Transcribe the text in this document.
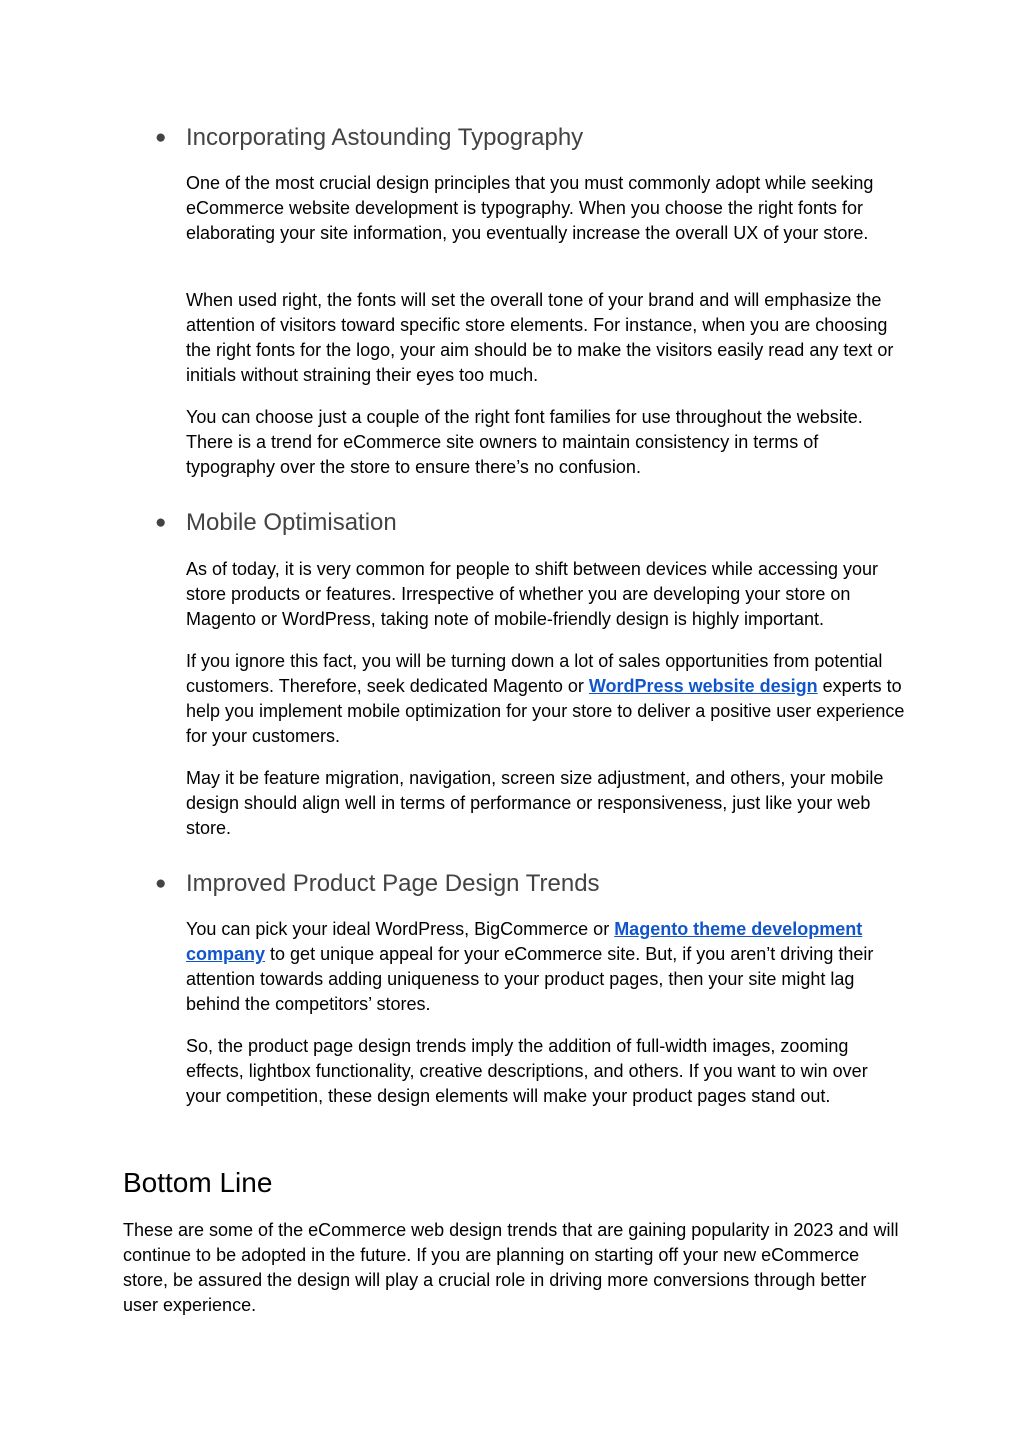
● Incorporating Astounding Typography

One of the most crucial design principles that you must commonly adopt while seeking eCommerce website development is typography. When you choose the right fonts for elaborating your site information, you eventually increase the overall UX of your store.

When used right, the fonts will set the overall tone of your brand and will emphasize the attention of visitors toward specific store elements. For instance, when you are choosing the right fonts for the logo, your aim should be to make the visitors easily read any text or initials without straining their eyes too much.

You can choose just a couple of the right font families for use throughout the website. There is a trend for eCommerce site owners to maintain consistency in terms of typography over the store to ensure there’s no confusion.

● Mobile Optimisation

As of today, it is very common for people to shift between devices while accessing your store products or features. Irrespective of whether you are developing your store on Magento or WordPress, taking note of mobile-friendly design is highly important.

If you ignore this fact, you will be turning down a lot of sales opportunities from potential customers. Therefore, seek dedicated Magento or WordPress website design experts to help you implement mobile optimization for your store to deliver a positive user experience for your customers.

May it be feature migration, navigation, screen size adjustment, and others, your mobile design should align well in terms of performance or responsiveness, just like your web store.

● Improved Product Page Design Trends

You can pick your ideal WordPress, BigCommerce or Magento theme development company to get unique appeal for your eCommerce site. But, if you aren’t driving their attention towards adding uniqueness to your product pages, then your site might lag behind the competitors’ stores.

So, the product page design trends imply the addition of full-width images, zooming effects, lightbox functionality, creative descriptions, and others. If you want to win over your competition, these design elements will make your product pages stand out.

Bottom Line

These are some of the eCommerce web design trends that are gaining popularity in 2023 and will continue to be adopted in the future. If you are planning on starting off your new eCommerce store, be assured the design will play a crucial role in driving more conversions through better user experience.
